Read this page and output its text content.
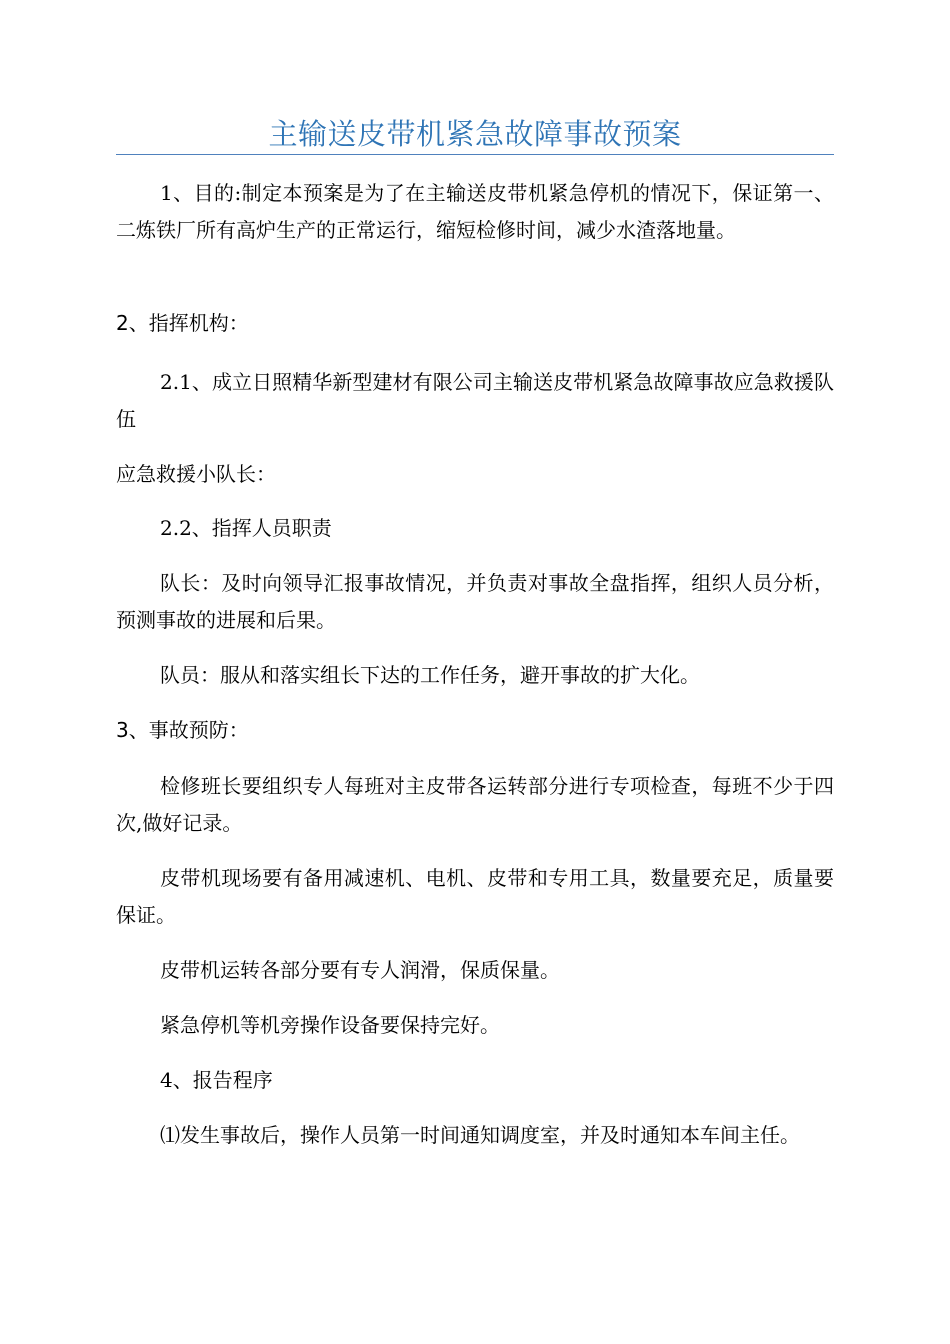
主输送皮带机紧急故障事故预案

1、目的:制定本预案是为了在主输送皮带机紧急停机的情况下，保证第一、二炼铁厂所有高炉生产的正常运行，缩短检修时间，减少水渣落地量。

2、指挥机构：

2.1、成立日照精华新型建材有限公司主输送皮带机紧急故障事故应急救援队伍

应急救援小队长：

2.2、指挥人员职责

队长：及时向领导汇报事故情况，并负责对事故全盘指挥，组织人员分析，预测事故的进展和后果。

队员：服从和落实组长下达的工作任务，避开事故的扩大化。

3、事故预防：

检修班长要组织专人每班对主皮带各运转部分进行专项检查，每班不少于四次,做好记录。

皮带机现场要有备用减速机、电机、皮带和专用工具，数量要充足，质量要保证。

皮带机运转各部分要有专人润滑，保质保量。

紧急停机等机旁操作设备要保持完好。

4、报告程序

⑴发生事故后，操作人员第一时间通知调度室，并及时通知本车间主任。
